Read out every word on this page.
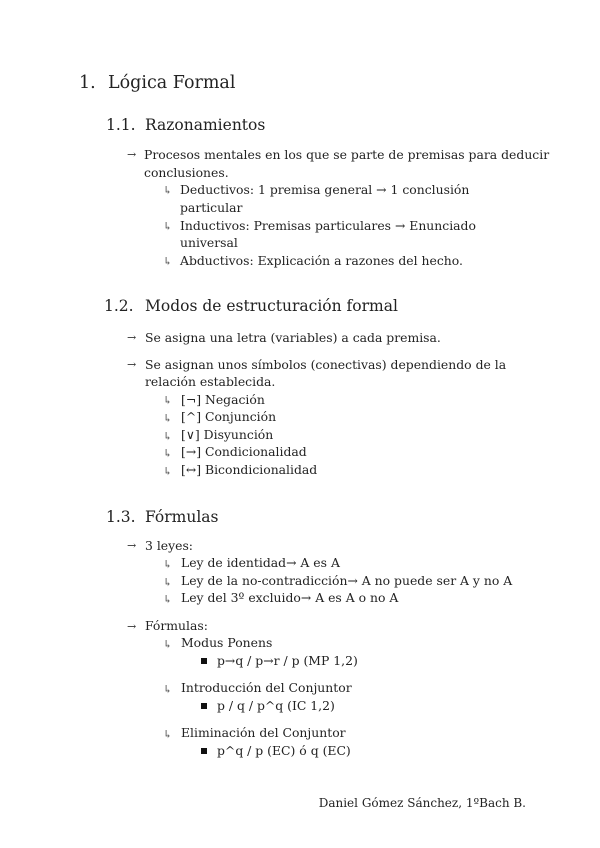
1. Lógica Formal
1.1. Razonamientos
→ Procesos mentales en los que se parte de premisas para deducir
conclusiones.
↳ Deductivos: 1 premisa general → 1 conclusión
particular
↳ Inductivos: Premisas particulares → Enunciado
universal
↳ Abductivos: Explicación a razones del hecho.
1.2. Modos de estructuración formal
→ Se asigna una letra (variables) a cada premisa.
→ Se asignan unos símbolos (conectivas) dependiendo de la
relación establecida.
↳ [¬] Negación
↳ [^] Conjunción
↳ [∨] Disyunción
↳ [→] Condicionalidad
↳ [↔] Bicondicionalidad
1.3. Fórmulas
→ 3 leyes:
↳ Ley de identidad→ A es A
↳ Ley de la no-contradicción→ A no puede ser A y no A
↳ Ley del 3º excluido→ A es A o no A
→ Fórmulas:
↳ Modus Ponens
p→q / p→r / p (MP 1,2)
↳ Introducción del Conjuntor
p / q / p^q (IC 1,2)
↳ Eliminación del Conjuntor
p^q / p (EC) ó q (EC)
Daniel Gómez Sánchez, 1ºBach B.
